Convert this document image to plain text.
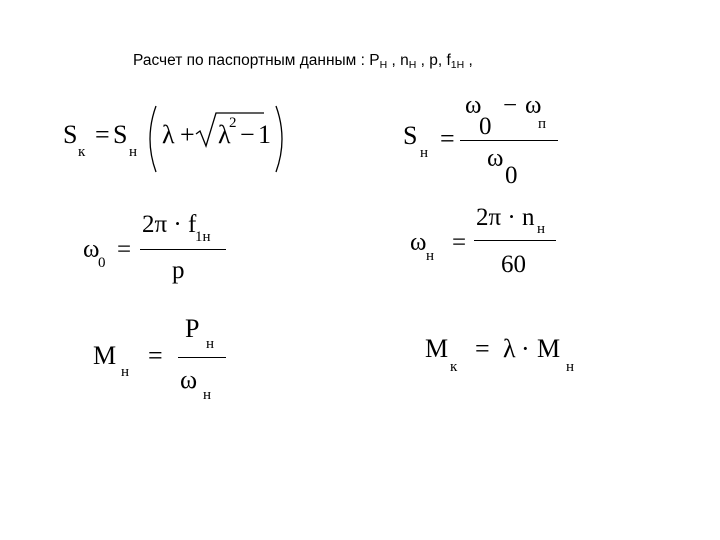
Расчет по паспортным данным : $P_Н$ , $n_Н$ , p, $f_{1Н}$ ,
S
к
= S
н
λ + λ
2 − 1	S
н =
ω
0
− ω
п
ω
0
ω
0 =
2π · f
1н
p
ω н =
2π · n н
60
M
н
=
P
н
ω
н
M
к
= λ · M
н
